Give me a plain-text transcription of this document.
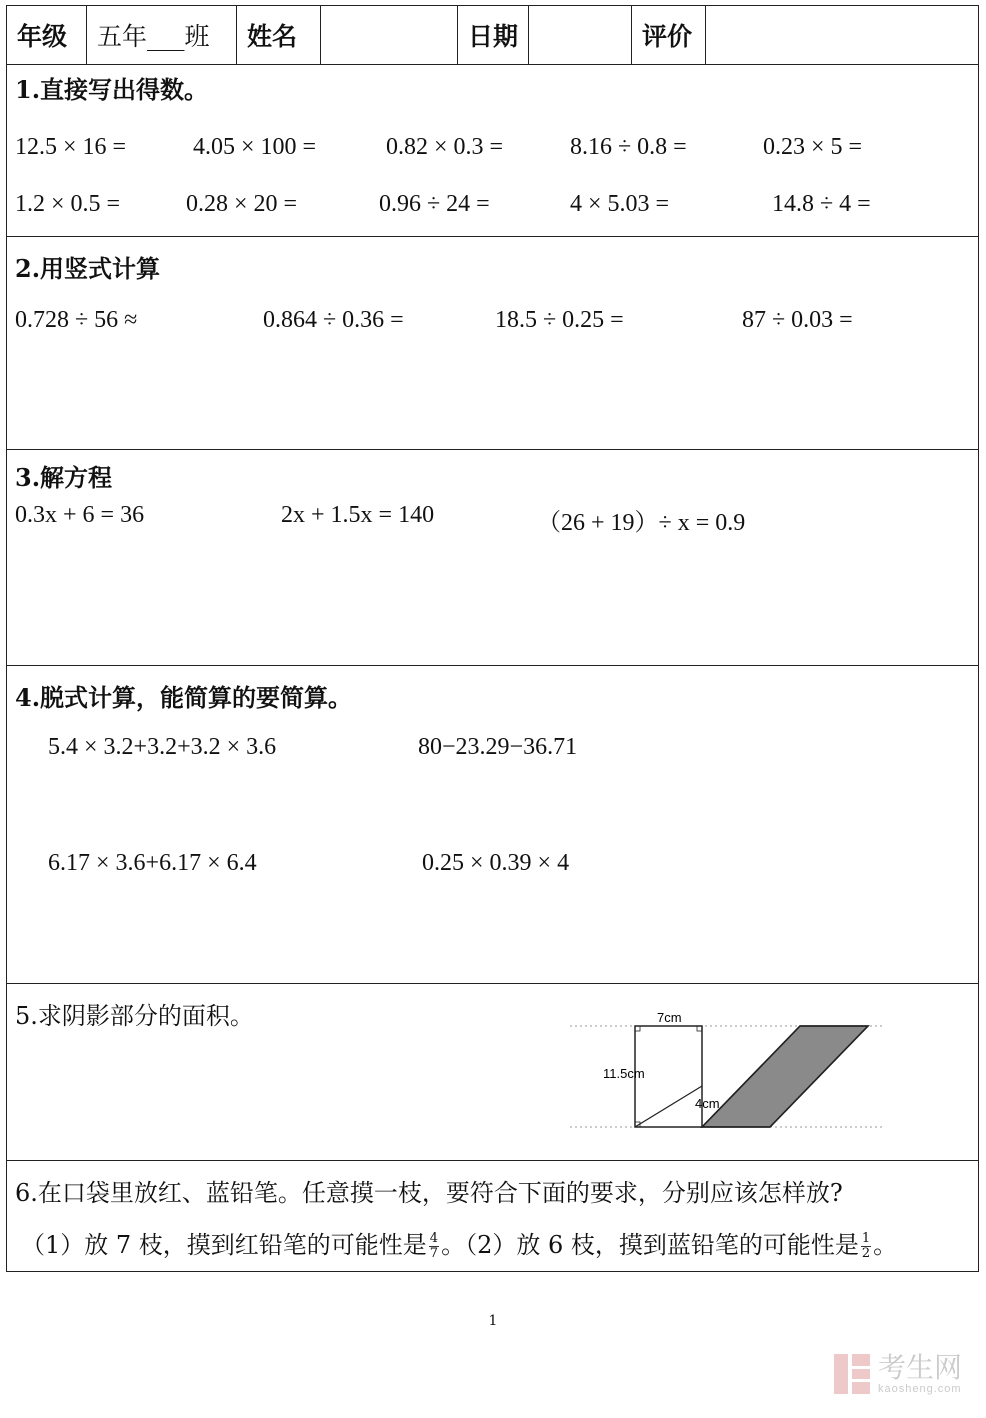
年级	五年___班	姓名	日期	评价
1.直接写出得数。
12.5 × 16 =	4.05 × 100 =	0.82 × 0.3 =	8.16 ÷ 0.8 =	0.23 × 5 =
1.2 × 0.5 =	0.28 × 20 =	0.96 ÷ 24 =	4 × 5.03 =	14.8 ÷ 4 =
2.用竖式计算
0.728 ÷ 56 ≈	0.864 ÷ 0.36 =	18.5 ÷ 0.25 =	87 ÷ 0.03 =
3.解方程
0.3x + 6 = 36	2x + 1.5x = 140	（26 + 19）÷ x = 0.9
4.脱式计算，能简算的要简算。
5.4 × 3.2+3.2+3.2 × 3.6	80−23.29−36.71
6.17 × 3.6+6.17 × 6.4	0.25 × 0.39 × 4
5.求阴影部分的面积。
6.在口袋里放红、蓝铅笔。任意摸一枝，要符合下面的要求，分别应该怎样放?
（1）放 7 枝，摸到红铅笔的可能性是 $\frac{4}{7}$ 。（2）放 6 枝，摸到蓝铅笔的可能性是 $\frac{1}{2}$ 。
7cm
11.5cm
4cm
1
考生网
kaosheng.com
